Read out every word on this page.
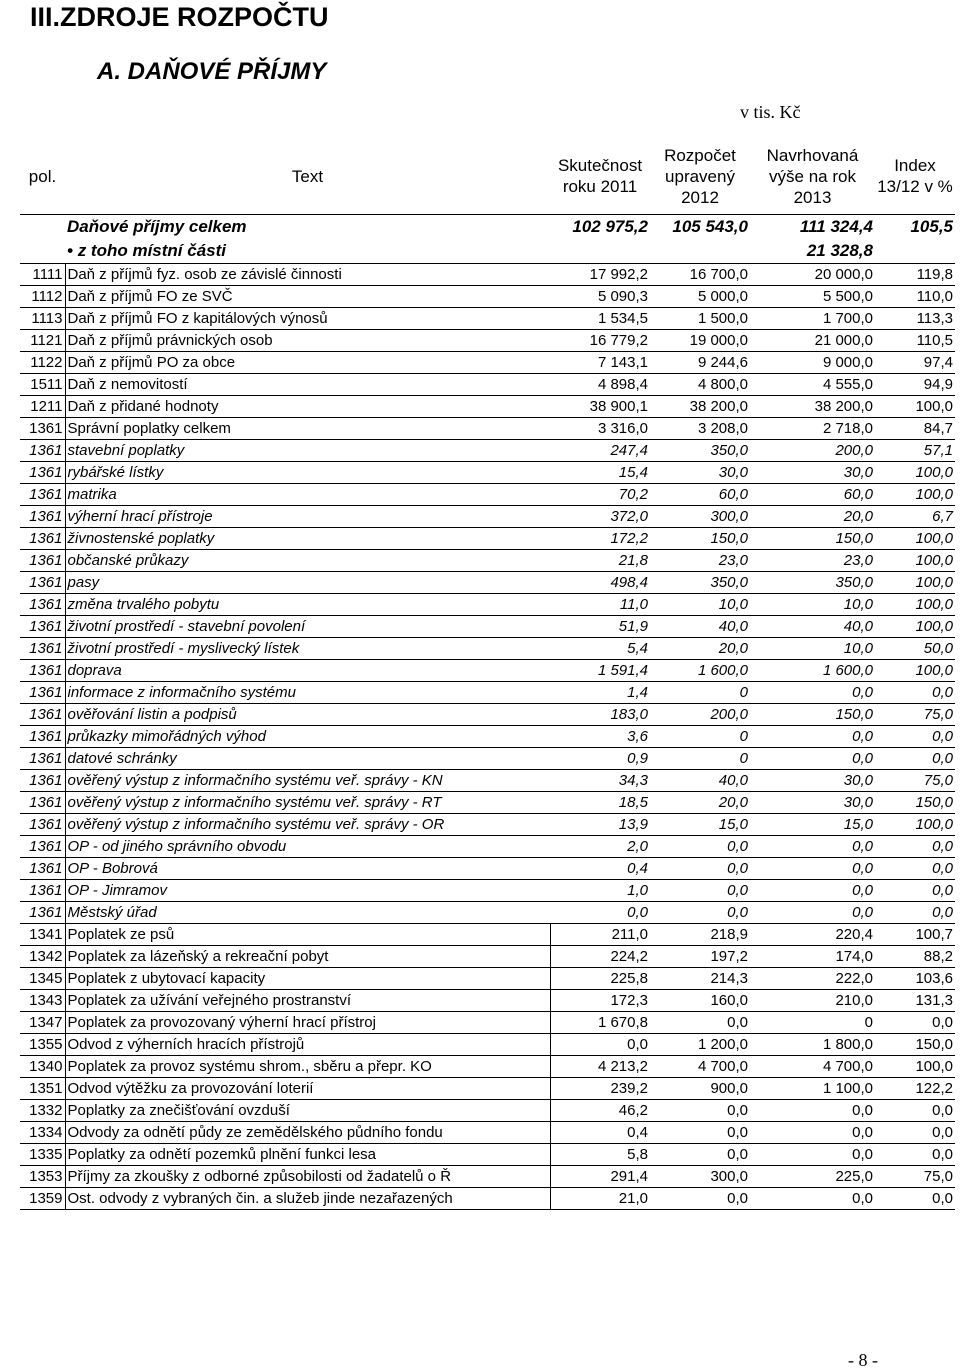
III.ZDROJE ROZPOČTU
A. DAŇOVÉ PŘÍJMY
v tis. Kč
pol.	Text	Skutečnost roku 2011	Rozpočet upravený 2012	Navrhovaná výše na rok 2013	Index 13/12 v %
	Daňové příjmy celkem	102 975,2	105 543,0	111 324,4	105,5
	• z toho místní části			21 328,8	
1111	Daň z příjmů fyz. osob ze závislé činnosti	17 992,2	16 700,0	20 000,0	119,8
1112	Daň z příjmů FO ze SVČ	5 090,3	5 000,0	5 500,0	110,0
1113	Daň z příjmů FO z kapitálových výnosů	1 534,5	1 500,0	1 700,0	113,3
1121	Daň z příjmů právnických osob	16 779,2	19 000,0	21 000,0	110,5
1122	Daň z příjmů PO za obce	7 143,1	9 244,6	9 000,0	97,4
1511	Daň z nemovitostí	4 898,4	4 800,0	4 555,0	94,9
1211	Daň z přidané hodnoty	38 900,1	38 200,0	38 200,0	100,0
1361	Správní poplatky celkem	3 316,0	3 208,0	2 718,0	84,7
1361	stavební poplatky	247,4	350,0	200,0	57,1
1361	rybářské lístky	15,4	30,0	30,0	100,0
1361	matrika	70,2	60,0	60,0	100,0
1361	výherní hrací přístroje	372,0	300,0	20,0	6,7
1361	živnostenské poplatky	172,2	150,0	150,0	100,0
1361	občanské průkazy	21,8	23,0	23,0	100,0
1361	pasy	498,4	350,0	350,0	100,0
1361	změna trvalého pobytu	11,0	10,0	10,0	100,0
1361	životní prostředí - stavební povolení	51,9	40,0	40,0	100,0
1361	životní prostředí - myslivecký lístek	5,4	20,0	10,0	50,0
1361	doprava	1 591,4	1 600,0	1 600,0	100,0
1361	informace z informačního systému	1,4	0	0,0	0,0
1361	ověřování listin a podpisů	183,0	200,0	150,0	75,0
1361	průkazky mimořádných výhod	3,6	0	0,0	0,0
1361	datové schránky	0,9	0	0,0	0,0
1361	ověřený výstup z informačního systému veř. správy - KN	34,3	40,0	30,0	75,0
1361	ověřený výstup z informačního systému veř. správy - RT	18,5	20,0	30,0	150,0
1361	ověřený výstup z informačního systému veř. správy - OR	13,9	15,0	15,0	100,0
1361	OP - od jiného správního obvodu	2,0	0,0	0,0	0,0
1361	OP - Bobrová	0,4	0,0	0,0	0,0
1361	OP - Jimramov	1,0	0,0	0,0	0,0
1361	Městský úřad	0,0	0,0	0,0	0,0
1341	Poplatek ze psů	211,0	218,9	220,4	100,7
1342	Poplatek za lázeňský a rekreační pobyt	224,2	197,2	174,0	88,2
1345	Poplatek z ubytovací kapacity	225,8	214,3	222,0	103,6
1343	Poplatek za užívání veřejného prostranství	172,3	160,0	210,0	131,3
1347	Poplatek za provozovaný výherní hrací přístroj	1 670,8	0,0	0	0,0
1355	Odvod z výherních hracích přístrojů	0,0	1 200,0	1 800,0	150,0
1340	Poplatek za provoz systému shrom., sběru a přepr. KO	4 213,2	4 700,0	4 700,0	100,0
1351	Odvod výtěžku za provozování loterií	239,2	900,0	1 100,0	122,2
1332	Poplatky za znečišťování ovzduší	46,2	0,0	0,0	0,0
1334	Odvody za odnětí půdy ze zemědělského půdního fondu	0,4	0,0	0,0	0,0
1335	Poplatky za odnětí pozemků plnění funkci lesa	5,8	0,0	0,0	0,0
1353	Příjmy za zkoušky z odborné způsobilosti od žadatelů o Ř	291,4	300,0	225,0	75,0
1359	Ost. odvody z vybraných čin. a služeb jinde nezařazených	21,0	0,0	0,0	0,0
- 8 -
